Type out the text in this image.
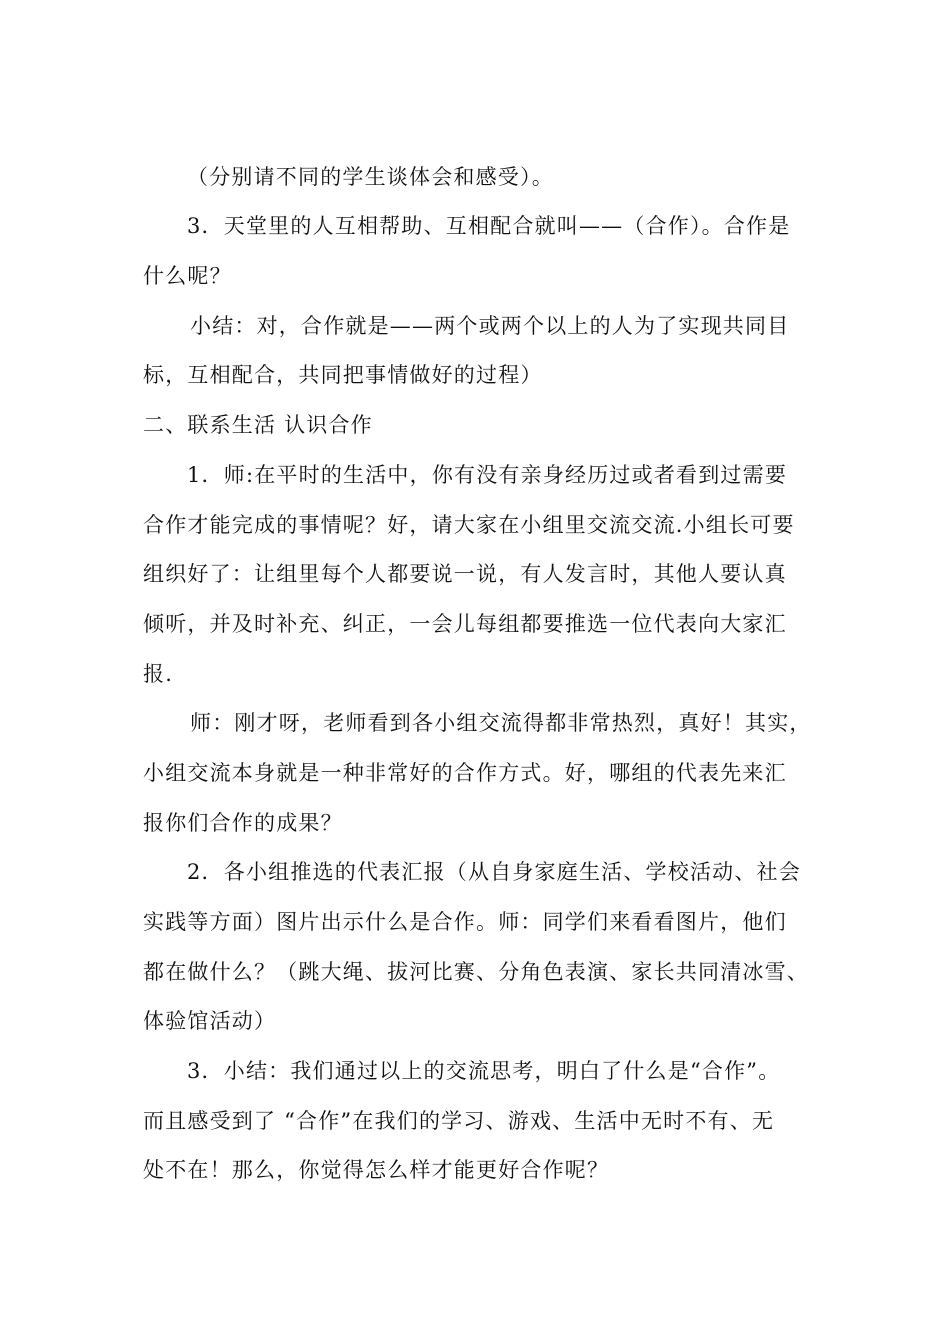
（分别请不同的学生谈体会和感受）。
3．天堂里的人互相帮助、互相配合就叫——（合作）。合作是
什么呢？
小结：对，合作就是——两个或两个以上的人为了实现共同目
标，互相配合，共同把事情做好的过程）
二、联系生活 认识合作
1．师:在平时的生活中，你有没有亲身经历过或者看到过需要
合作才能完成的事情呢？好，请大家在小组里交流交流.小组长可要
组织好了：让组里每个人都要说一说，有人发言时，其他人要认真
倾听，并及时补充、纠正，一会儿每组都要推选一位代表向大家汇
报.
师：刚才呀，老师看到各小组交流得都非常热烈，真好！其实，
小组交流本身就是一种非常好的合作方式。好，哪组的代表先来汇
报你们合作的成果？
2．各小组推选的代表汇报（从自身家庭生活、学校活动、社会
实践等方面）图片出示什么是合作。师：同学们来看看图片，他们
都在做什么？（跳大绳、拔河比赛、分角色表演、家长共同清冰雪、
体验馆活动）
3．小结：我们通过以上的交流思考，明白了什么是“合作”。
而且感受到了 “合作”在我们的学习、游戏、生活中无时不有、无
处不在！那么，你觉得怎么样才能更好合作呢？
